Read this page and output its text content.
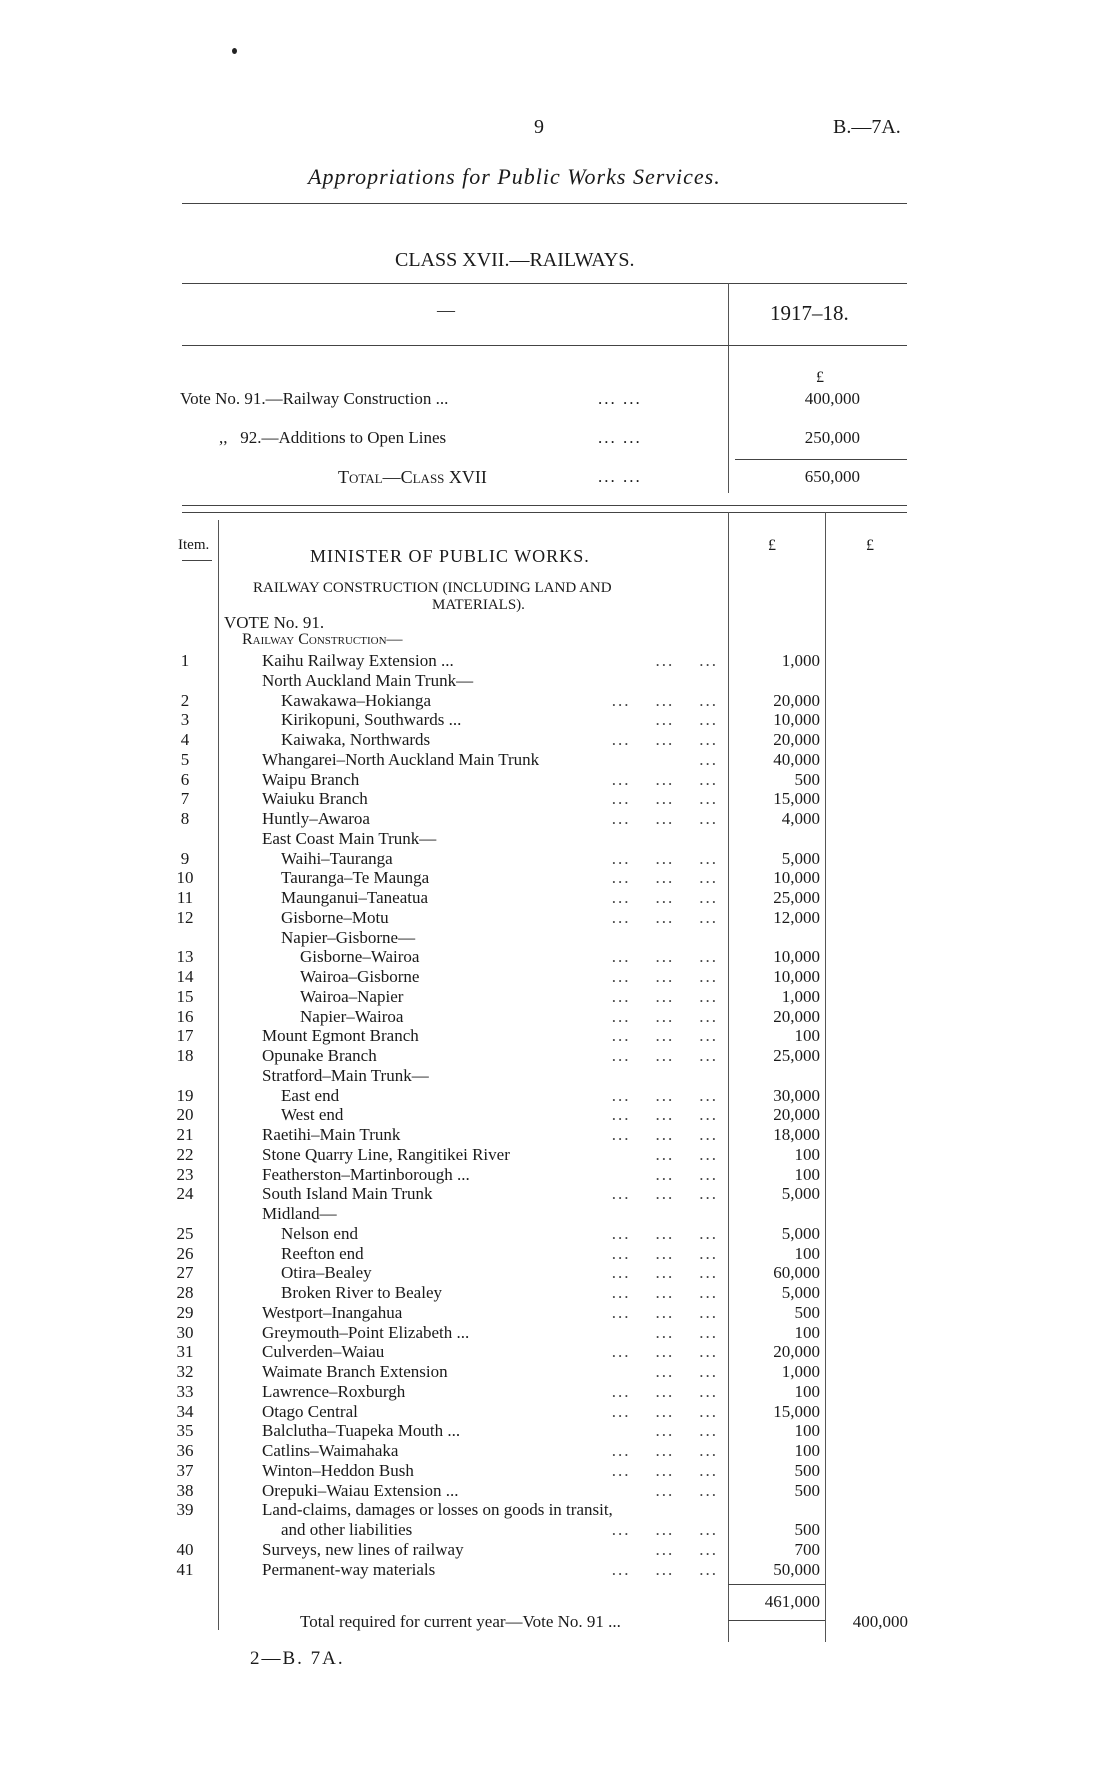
9	B.—7A.
Appropriations for Public Works Services.
CLASS XVII.—RAILWAYS.
—	1917–18.
£
Vote No. 91.—Railway Construction ...	... ...	400,000
,,   92.—Additions to Open Lines	... ...	250,000
Total—Class XVII	... ...	650,000
Item.	£	£
MINISTER OF PUBLIC WORKS.
RAILWAY CONSTRUCTION (INCLUDING LAND AND
MATERIALS).
VOTE No. 91.
Railway Construction—
1	Kaihu Railway Extension ...	...    ...	1,000
North Auckland Main Trunk—
2	Kawakawa–Hokianga	...    ...    ...	20,000
3	Kirikopuni, Southwards ...	...    ...	10,000
4	Kaiwaka, Northwards	...    ...    ...	20,000
5	Whangarei–North Auckland Main Trunk	...	40,000
6	Waipu Branch	...    ...    ...	500
7	Waiuku Branch	...    ...    ...	15,000
8	Huntly–Awaroa	...    ...    ...	4,000
East Coast Main Trunk—
9	Waihi–Tauranga	...    ...    ...	5,000
10	Tauranga–Te Maunga	...    ...    ...	10,000
11	Maunganui–Taneatua	...    ...    ...	25,000
12	Gisborne–Motu	...    ...    ...	12,000
Napier–Gisborne—
13	Gisborne–Wairoa	...    ...    ...	10,000
14	Wairoa–Gisborne	...    ...    ...	10,000
15	Wairoa–Napier	...    ...    ...	1,000
16	Napier–Wairoa	...    ...    ...	20,000
17	Mount Egmont Branch	...    ...    ...	100
18	Opunake Branch	...    ...    ...	25,000
Stratford–Main Trunk—
19	East end	...    ...    ...	30,000
20	West end	...    ...    ...	20,000
21	Raetihi–Main Trunk	...    ...    ...	18,000
22	Stone Quarry Line, Rangitikei River	...    ...	100
23	Featherston–Martinborough ...	...    ...	100
24	South Island Main Trunk	...    ...    ...	5,000
Midland—
25	Nelson end	...    ...    ...	5,000
26	Reefton end	...    ...    ...	100
27	Otira–Bealey	...    ...    ...	60,000
28	Broken River to Bealey	...    ...    ...	5,000
29	Westport–Inangahua	...    ...    ...	500
30	Greymouth–Point Elizabeth ...	...    ...	100
31	Culverden–Waiau	...    ...    ...	20,000
32	Waimate Branch Extension	...    ...	1,000
33	Lawrence–Roxburgh	...    ...    ...	100
34	Otago Central	...    ...    ...	15,000
35	Balclutha–Tuapeka Mouth ...	...    ...	100
36	Catlins–Waimahaka	...    ...    ...	100
37	Winton–Heddon Bush	...    ...    ...	500
38	Orepuki–Waiau Extension ...	...    ...	500
39	Land-claims, damages or losses on goods in transit,
and other liabilities	...    ...    ...	500
40	Surveys, new lines of railway	...    ...	700
41	Permanent-way materials	...    ...    ...	50,000
461,000
Total required for current year—Vote No. 91 ...	400,000
2—B. 7A.
